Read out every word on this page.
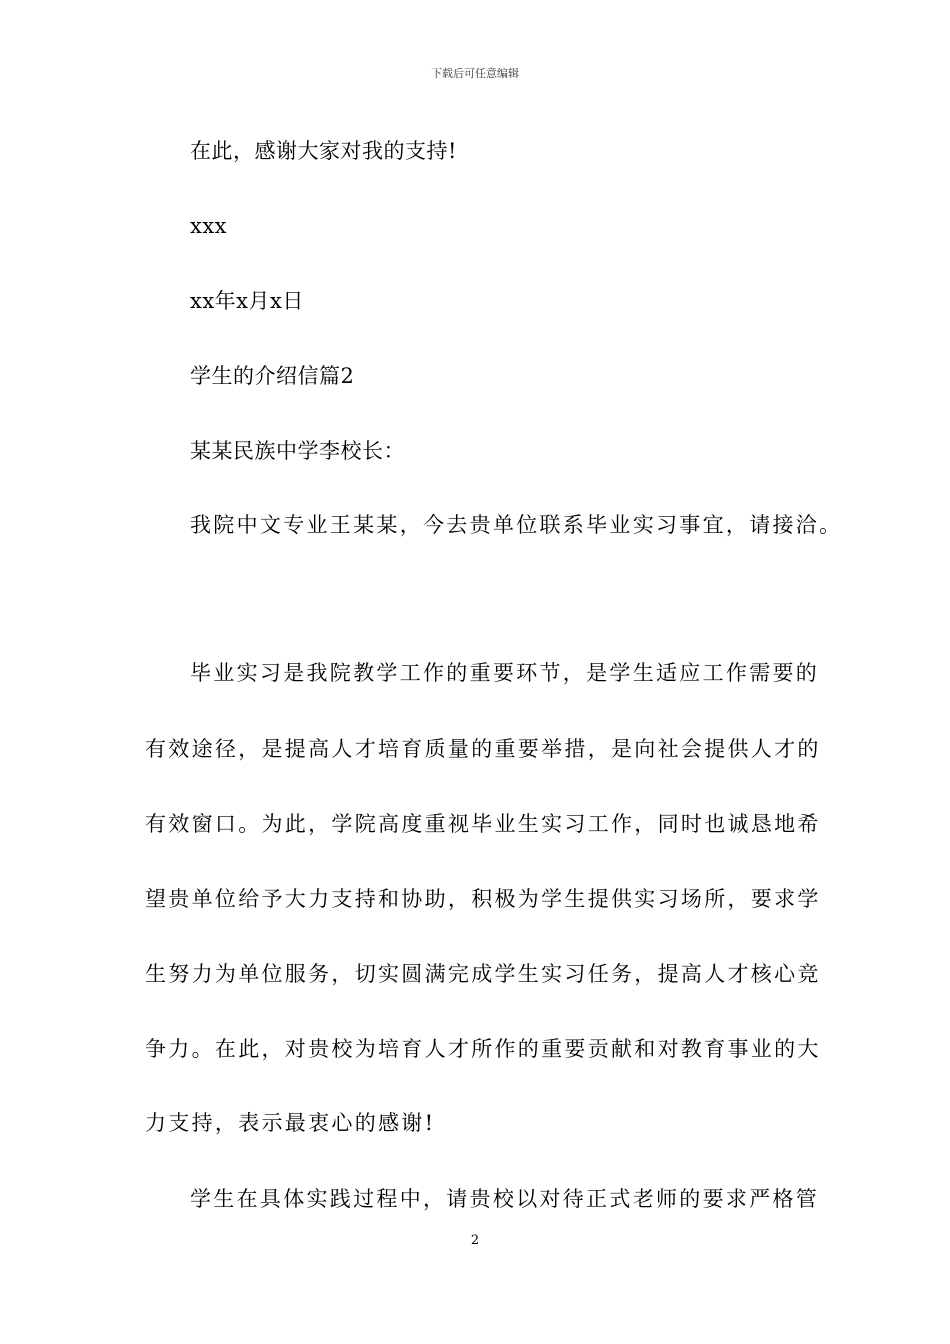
下载后可任意编辑
在此，感谢大家对我的支持!
xxx
xx年x月x日
学生的介绍信篇2
某某民族中学李校长：
我院中文专业王某某，今去贵单位联系毕业实习事宜，请接洽。
毕业实习是我院教学工作的重要环节，是学生适应工作需要的
有效途径，是提高人才培育质量的重要举措，是向社会提供人才的
有效窗口。为此，学院高度重视毕业生实习工作，同时也诚恳地希
望贵单位给予大力支持和协助，积极为学生提供实习场所，要求学
生努力为单位服务，切实圆满完成学生实习任务，提高人才核心竞
争力。在此，对贵校为培育人才所作的重要贡献和对教育事业的大
力支持，表示最衷心的感谢!
学生在具体实践过程中，请贵校以对待正式老师的要求严格管
2
